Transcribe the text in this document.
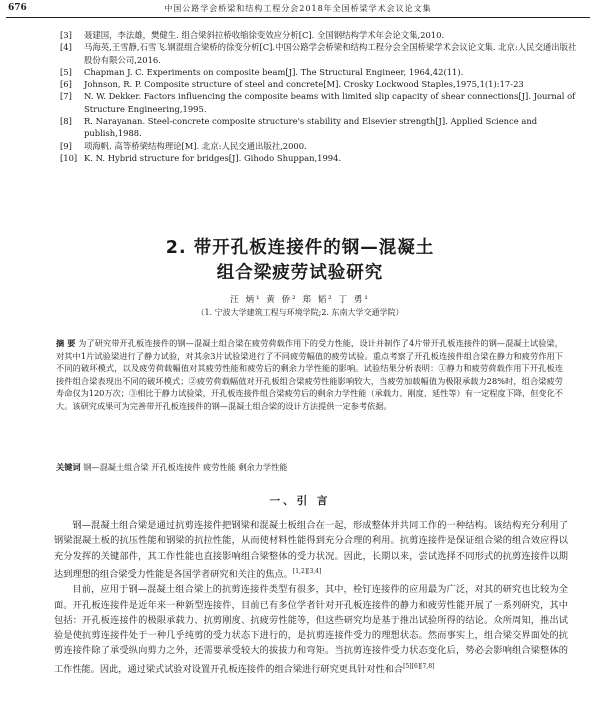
676	中国公路学会桥梁和结构工程分会2018年全国桥梁学术会议论文集
[3] 聂建国，李法雄，樊健生. 组合梁斜拉桥收缩徐变效应分析[C]. 全国钢结构学术年会论文集,2010.
[4] 马海英,王雪静,石雪飞.钢混组合梁桥的徐变分析[C].中国公路学会桥梁和结构工程分会全国桥梁学术会议论文集. 北京:人民交通出版社股份有限公司,2016.
[5] Chapman J. C. Experiments on composite beam[J]. The Structural Engineer, 1964,42(11).
[6] Johnson, R. P. Composite structure of steel and concrete[M]. Crosky Lockwood Staples,1975,1(1):17-23
[7] N. W. Dekker. Factors influencing the composite beams with limited slip capacity of shear connections[J]. Journal of Structure Engineering,1995.
[8] R. Narayanan. Steel-concrete composite structure's stability and Elsevier strength[J]. Applied Science and publish,1988.
[9] 项海帆. 高等桥梁结构理论[M]. 北京:人民交通出版社,2000.
[10] K. N. Hybrid structure for bridges[J]. Gihodo Shuppan,1994.
2. 带开孔板连接件的钢—混凝土
组合梁疲劳试验研究
汪 炳¹ 黄 侨² 郑 韬² 丁 勇¹
（1. 宁波大学建筑工程与环境学院;2. 东南大学交通学院）
摘 要 为了研究带开孔板连接件的钢—混凝土组合梁在疲劳荷载作用下的受力性能，设计并制作了4片带开孔板连接件的钢—混凝土试验梁，对其中1片试验梁进行了静力试验，对其余3片试验梁进行了不同疲劳幅值的疲劳试验。重点考察了开孔板连接件组合梁在静力和疲劳作用下不同的破坏模式，以及疲劳荷载幅值对其疲劳性能和疲劳后的剩余力学性能的影响。试验结果分析表明：①静力和疲劳荷载作用下开孔板连接件组合梁表现出不同的破坏模式；②疲劳荷载幅值对开孔板组合梁疲劳性能影响较大，当疲劳加载幅值为极限承载力28%时，组合梁疲劳寿命仅为120万次；③相比于静力试验梁，开孔板连接件组合梁疲劳后的剩余力学性能（承载力、刚度、延性等）有一定程度下降，但变化不大。该研究成果可为完善带开孔板连接件的钢—混凝土组合梁的设计方法提供一定参考依据。
关键词 钢—混凝土组合梁 开孔板连接件 疲劳性能 剩余力学性能
一、引 言

钢—混凝土组合梁是通过抗剪连接件把钢梁和混凝土板组合在一起，形成整体并共同工作的一种结构。该结构充分利用了钢梁混凝土板的抗压性能和钢梁的抗拉性能，从而使材料性能得到充分合理的利用。抗剪连接件是保证组合梁的组合效应得以充分发挥的关键部件，其工作性能也直接影响组合梁整体的受力状况。因此，长期以来，尝试选择不同形式的抗剪连接件以期达到理想的组合梁受力性能是各国学者研究和关注的焦点。[1,2][3,4]

目前，应用于钢—混凝土组合梁上的抗剪连接件类型有很多，其中，栓钉连接件的应用最为广泛，对其的研究也比较为全面。开孔板连接件是近年来一种新型连接件，目前已有多位学者针对开孔板连接件的静力和疲劳性能开展了一系列研究，其中包括：开孔板连接件的极限承载力、抗剪刚度、抗疲劳性能等，但这些研究均是基于推出试验所得的结论。众所周知，推出试验是使抗剪连接件处于一种几乎纯剪的受力状态下进行的，是抗剪连接件受力的理想状态。然而事实上，组合梁交界面处的抗剪连接件除了承受纵向剪力之外，还需要承受较大的拔拔力和弯矩。当抗剪连接件受力状态变化后，势必会影响组合梁整体的工作性能。因此，通过梁式试验对设置开孔板连接件的组合梁进行研究更具针对性和合[5][6][7,8]
